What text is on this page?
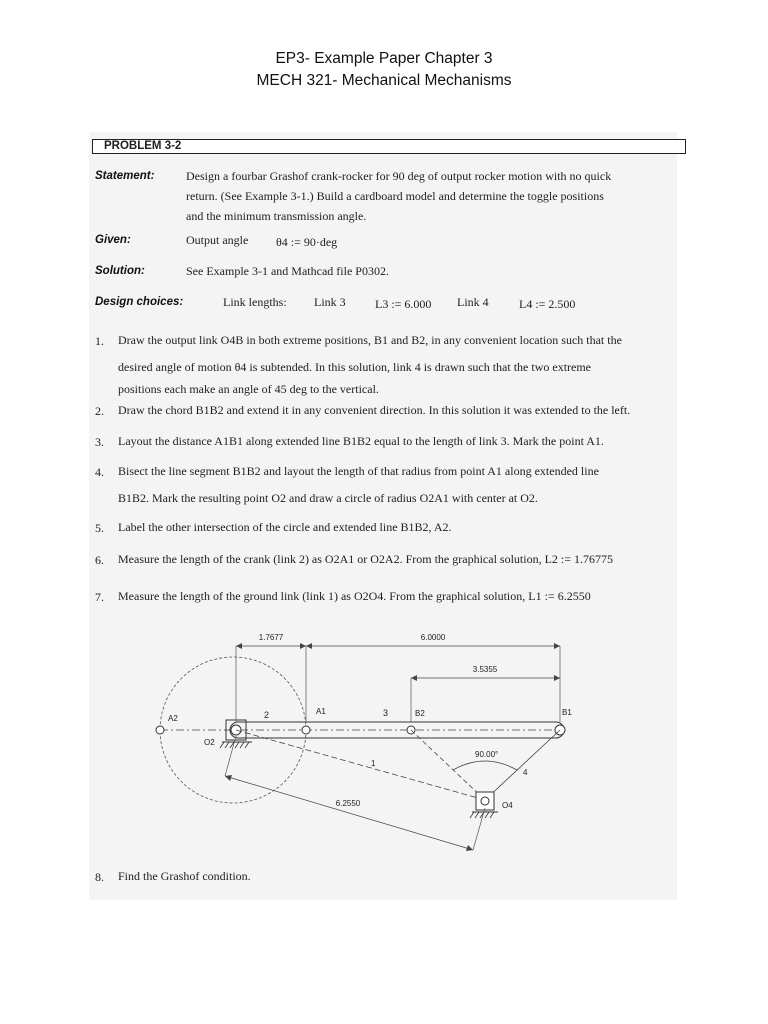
EP3- Example Paper Chapter 3
MECH 321- Mechanical Mechanisms
PROBLEM 3-2
Statement:	Design a fourbar Grashof crank-rocker for 90 deg of output rocker motion with no quick
return. (See Example 3-1.) Build a cardboard model and determine the toggle positions
and the minimum transmission angle.
Given:	Output angle θ4 := 90·deg
Solution:	See Example 3-1 and Mathcad file P0302.
Design choices:	Link lengths: Link 3 L3 := 6.000 Link 4	L4 := 2.500
1. Draw the output link O4B in both extreme positions, B1 and B2, in any convenient location such that the
desired angle of motion θ4 is subtended. In this solution, link 4 is drawn such that the two extreme
positions each make an angle of 45 deg to the vertical.
2. Draw the chord B1B2 and extend it in any convenient direction. In this solution it was extended to the left.
3. Layout the distance A1B1 along extended line B1B2 equal to the length of link 3. Mark the point A1.
4. Bisect the line segment B1B2 and layout the length of that radius from point A1 along extended line
B1B2. Mark the resulting point O2 and draw a circle of radius O2A1 with center at O2.
5. Label the other intersection of the circle and extended line B1B2, A2.
6. Measure the length of the crank (link 2) as O2A1 or O2A2. From the graphical solution, L2 := 1.76775
7. Measure the length of the ground link (link 1) as O2O4. From the graphical solution, L1 := 6.2550
1.7677	6.0000
3.5355
6.2550
A2
O2
A1	B2	B1
O4
2	3
1
4
90.00°
8. Find the Grashof condition.
